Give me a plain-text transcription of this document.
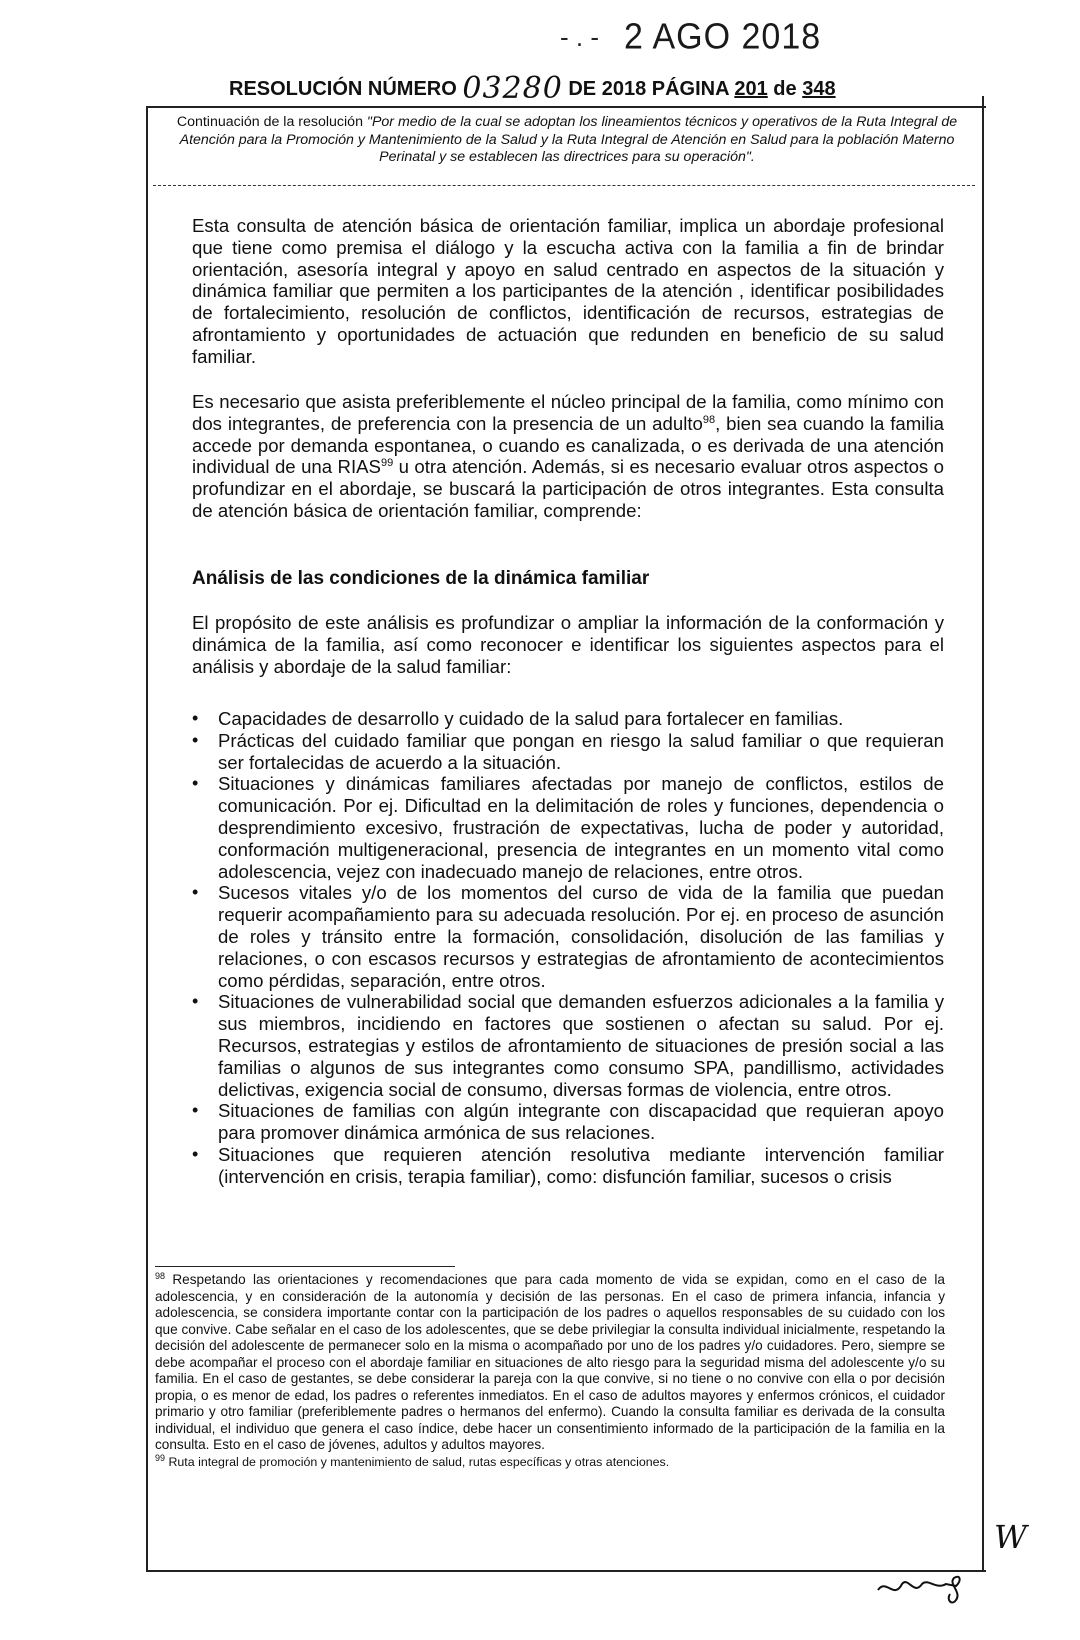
- . - 2 AGO 2018
RESOLUCIÓN NÚMERO 03280 DE 2018 PÁGINA 201 de 348
Continuación de la resolución "Por medio de la cual se adoptan los lineamientos técnicos y operativos de la Ruta Integral de Atención para la Promoción y Mantenimiento de la Salud y la Ruta Integral de Atención en Salud para la población Materno Perinatal y se establecen las directrices para su operación".
Esta consulta de atención básica de orientación familiar, implica un abordaje profesional que tiene como premisa el diálogo y la escucha activa con la familia a fin de brindar orientación, asesoría integral y apoyo en salud centrado en aspectos de la situación y dinámica familiar que permiten a los participantes de la atención , identificar posibilidades de fortalecimiento, resolución de conflictos, identificación de recursos, estrategias de afrontamiento y oportunidades de actuación que redunden en beneficio de su salud familiar.
Es necesario que asista preferiblemente el núcleo principal de la familia, como mínimo con dos integrantes, de preferencia con la presencia de un adulto$^{98}$, bien sea cuando la familia accede por demanda espontanea, o cuando es canalizada, o es derivada de una atención individual de una RIAS$^{99}$ u otra atención. Además, si es necesario evaluar otros aspectos o profundizar en el abordaje, se buscará la participación de otros integrantes. Esta consulta de atención básica de orientación familiar, comprende:
Análisis de las condiciones de la dinámica familiar
El propósito de este análisis es profundizar o ampliar la información de la conformación y dinámica de la familia, así como reconocer e identificar los siguientes aspectos para el análisis y abordaje de la salud familiar:
• Capacidades de desarrollo y cuidado de la salud para fortalecer en familias.
• Prácticas del cuidado familiar que pongan en riesgo la salud familiar o que requieran ser fortalecidas de acuerdo a la situación.
• Situaciones y dinámicas familiares afectadas por manejo de conflictos, estilos de comunicación. Por ej. Dificultad en la delimitación de roles y funciones, dependencia o desprendimiento excesivo, frustración de expectativas, lucha de poder y autoridad, conformación multigeneracional, presencia de integrantes en un momento vital como adolescencia, vejez con inadecuado manejo de relaciones, entre otros.
• Sucesos vitales y/o de los momentos del curso de vida de la familia que puedan requerir acompañamiento para su adecuada resolución. Por ej. en proceso de asunción de roles y tránsito entre la formación, consolidación, disolución de las familias y relaciones, o con escasos recursos y estrategias de afrontamiento de acontecimientos como pérdidas, separación, entre otros.
• Situaciones de vulnerabilidad social que demanden esfuerzos adicionales a la familia y sus miembros, incidiendo en factores que sostienen o afectan su salud. Por ej. Recursos, estrategias y estilos de afrontamiento de situaciones de presión social a las familias o algunos de sus integrantes como consumo SPA, pandillismo, actividades delictivas, exigencia social de consumo, diversas formas de violencia, entre otros.
• Situaciones de familias con algún integrante con discapacidad que requieran apoyo para promover dinámica armónica de sus relaciones.
• Situaciones que requieren atención resolutiva mediante intervención familiar (intervención en crisis, terapia familiar), como: disfunción familiar, sucesos o crisis

$^{98}$ Respetando las orientaciones y recomendaciones que para cada momento de vida se expidan, como en el caso de la adolescencia, y en consideración de la autonomía y decisión de las personas. En el caso de primera infancia, infancia y adolescencia, se considera importante contar con la participación de los padres o aquellos responsables de su cuidado con los que convive. Cabe señalar en el caso de los adolescentes, que se debe privilegiar la consulta individual inicialmente, respetando la decisión del adolescente de permanecer solo en la misma o acompañado por uno de los padres y/o cuidadores. Pero, siempre se debe acompañar el proceso con el abordaje familiar en situaciones de alto riesgo para la seguridad misma del adolescente y/o su familia. En el caso de gestantes, se debe considerar la pareja con la que convive, si no tiene o no convive con ella o por decisión propia, o es menor de edad, los padres o referentes inmediatos. En el caso de adultos mayores y enfermos crónicos, el cuidador primario y otro familiar (preferiblemente padres o hermanos del enfermo). Cuando la consulta familiar es derivada de la consulta individual, el individuo que genera el caso índice, debe hacer un consentimiento informado de la participación de la familia en la consulta. Esto en el caso de jóvenes, adultos y adultos mayores.

$^{99}$ Ruta integral de promoción y mantenimiento de salud, rutas específicas y otras atenciones.

W
